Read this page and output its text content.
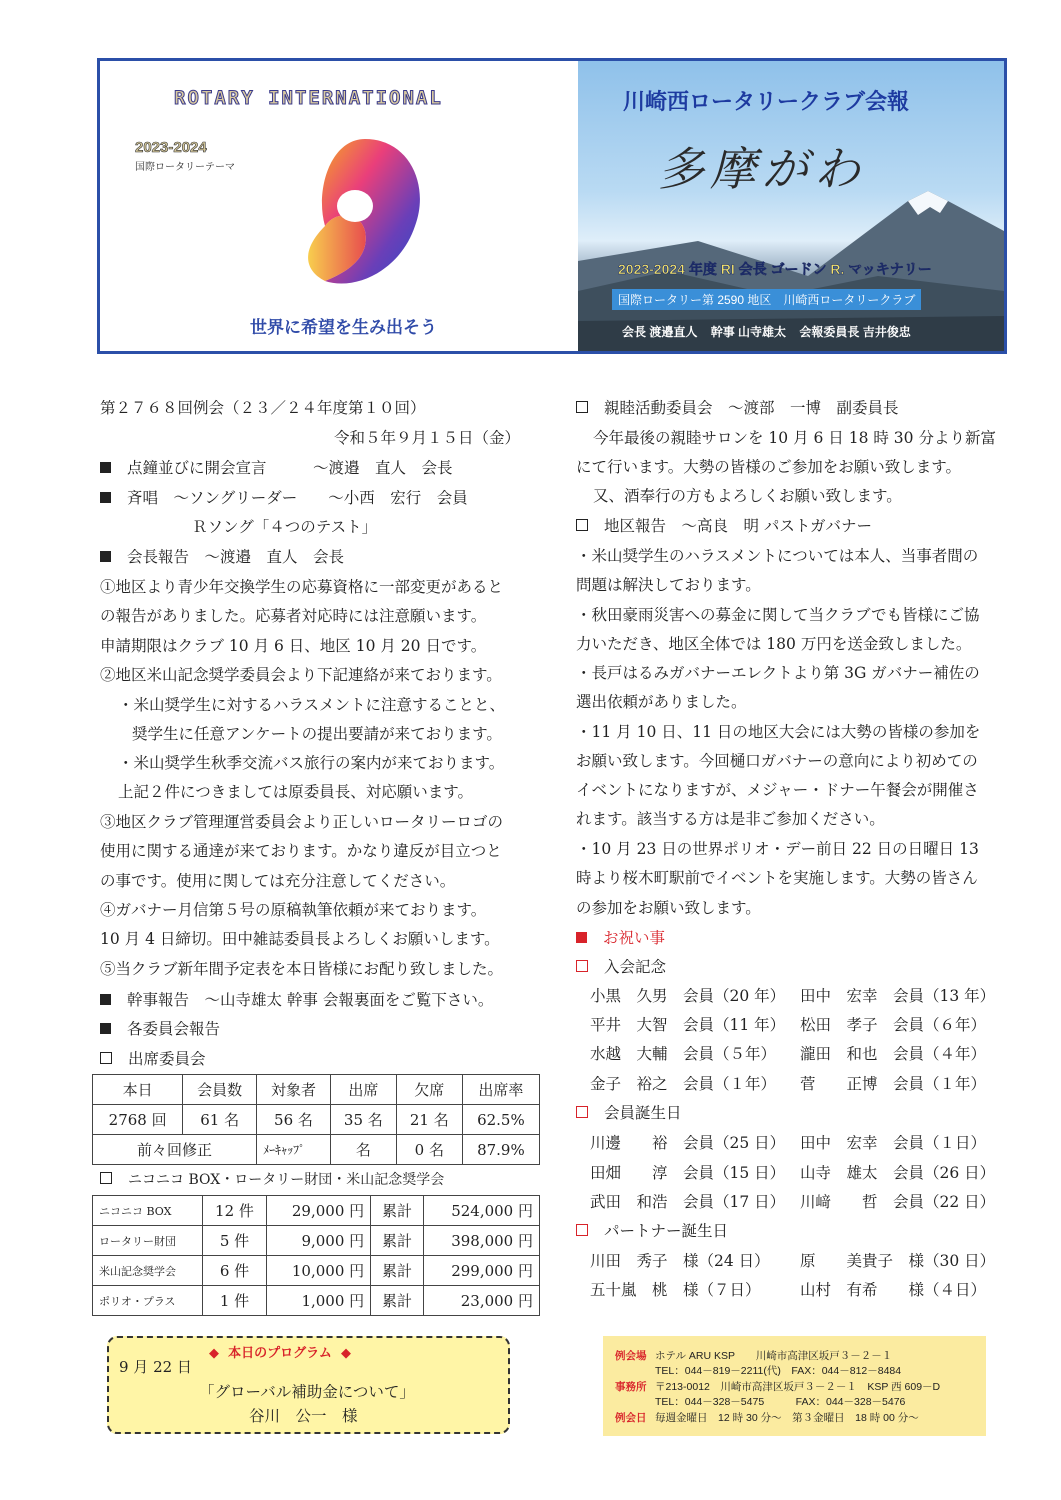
ROTARY INTERNATIONAL
2023-2024
国際ロータリーテーマ
世界に希望を生み出そう
川崎西ロータリークラブ会報
多摩がわ
2023-2024 年度 RI 会長 ゴードン R. マッキナリー
国際ロータリー第 2590 地区　川崎西ロータリークラブ
会長 渡邉直人 幹事 山寺雄太 会報委員長 吉井俊忠
第２７６８回例会（２３／２４年度第１０回）
令和５年９月１５日（金）
点鐘並びに開会宣言　　　～渡邉　直人　会長
斉唱　～ソングリーダー　　～小西　宏行　会員
Ｒソング「４つのテスト」
会長報告　～渡邉　直人　会長
①地区より青少年交換学生の応募資格に一部変更があると
の報告がありました。応募者対応時には注意願います。
申請期限はクラブ 10 月 6 日、地区 10 月 20 日です。
②地区米山記念奨学委員会より下記連絡が来ております。
・米山奨学生に対するハラスメントに注意することと、
奨学生に任意アンケートの提出要請が来ております。
・米山奨学生秋季交流バス旅行の案内が来ております。
上記２件につきましては原委員長、対応願います。
③地区クラブ管理運営委員会より正しいロータリーロゴの
使用に関する通達が来ております。かなり違反が目立つと
の事です。使用に関しては充分注意してください。
④ガバナー月信第５号の原稿執筆依頼が来ております。
10 月 4 日締切。田中雑誌委員長よろしくお願いします。
⑤当クラブ新年間予定表を本日皆様にお配り致しました。
幹事報告　～山寺雄太 幹事 会報裏面をご覧下さい。
各委員会報告
出席委員会
本日	会員数	対象者	出席	欠席	出席率
2768 回	61 名	56 名	35 名	21 名	62.5%
前々回修正		ﾒｰｷｬｯﾌﾟ	名	0 名	87.9%
ニコニコ BOX・ロータリー財団・米山記念奨学会
ニコニコ BOX	12 件	29,000 円	累計	524,000 円
ロータリー財団	5 件	9,000 円	累計	398,000 円
米山記念奨学会	6 件	10,000 円	累計	299,000 円
ポリオ・プラス	1 件	1,000 円	累計	23,000 円
◆ 本日のプログラム ◆
9 月 22 日
「グローバル補助金について」
谷川　公一　様
親睦活動委員会　～渡部　一博　副委員長
今年最後の親睦サロンを 10 月 6 日 18 時 30 分より新富
にて行います。大勢の皆様のご参加をお願い致します。
又、酒奉行の方もよろしくお願い致します。
地区報告　～高良　明 パストガバナー
・米山奨学生のハラスメントについては本人、当事者間の
問題は解決しております。
・秋田豪雨災害への募金に関して当クラブでも皆様にご協
力いただき、地区全体では 180 万円を送金致しました。
・長戸はるみガバナーエレクトより第 3G ガバナー補佐の
選出依頼がありました。
・11 月 10 日、11 日の地区大会には大勢の皆様の参加を
お願い致します。今回樋口ガバナーの意向により初めての
イベントになりますが、メジャー・ドナー午餐会が開催さ
れます。該当する方は是非ご参加ください。
・10 月 23 日の世界ポリオ・デー前日 22 日の日曜日 13
時より桜木町駅前でイベントを実施します。大勢の皆さん
の参加をお願い致します。
お祝い事
入会記念
小黒　久男　会員（20 年） 田中　宏幸　会員（13 年）
平井　大智　会員（11 年） 松田　孝子　会員（６年）
水越　大輔　会員（５年） 瀧田　和也　会員（４年）
金子　裕之　会員（１年） 菅　　正博　会員（１年）
会員誕生日
川邊　　裕　会員（25 日） 田中　宏幸　会員（１日）
田畑　　淳　会員（15 日） 山寺　雄太　会員（26 日）
武田　和浩　会員（17 日） 川﨑　　哲　会員（22 日）
パートナー誕生日
川田　秀子　様（24 日） 原　　美貴子　様（30 日）
五十嵐　桃　様（７日）	山村　有希　　様（４日）
例会場 ホテル ARU KSP　　川崎市高津区坂戸３－２－１
TEL：044－819－2211(代)　FAX：044－812－8484
事務所 〒213-0012　川崎市高津区坂戸３－２－１　KSP 西 609－D
TEL：044－328－5475　　　FAX：044－328－5476
例会日 毎週金曜日　12 時 30 分～　第３金曜日　18 時 00 分～
